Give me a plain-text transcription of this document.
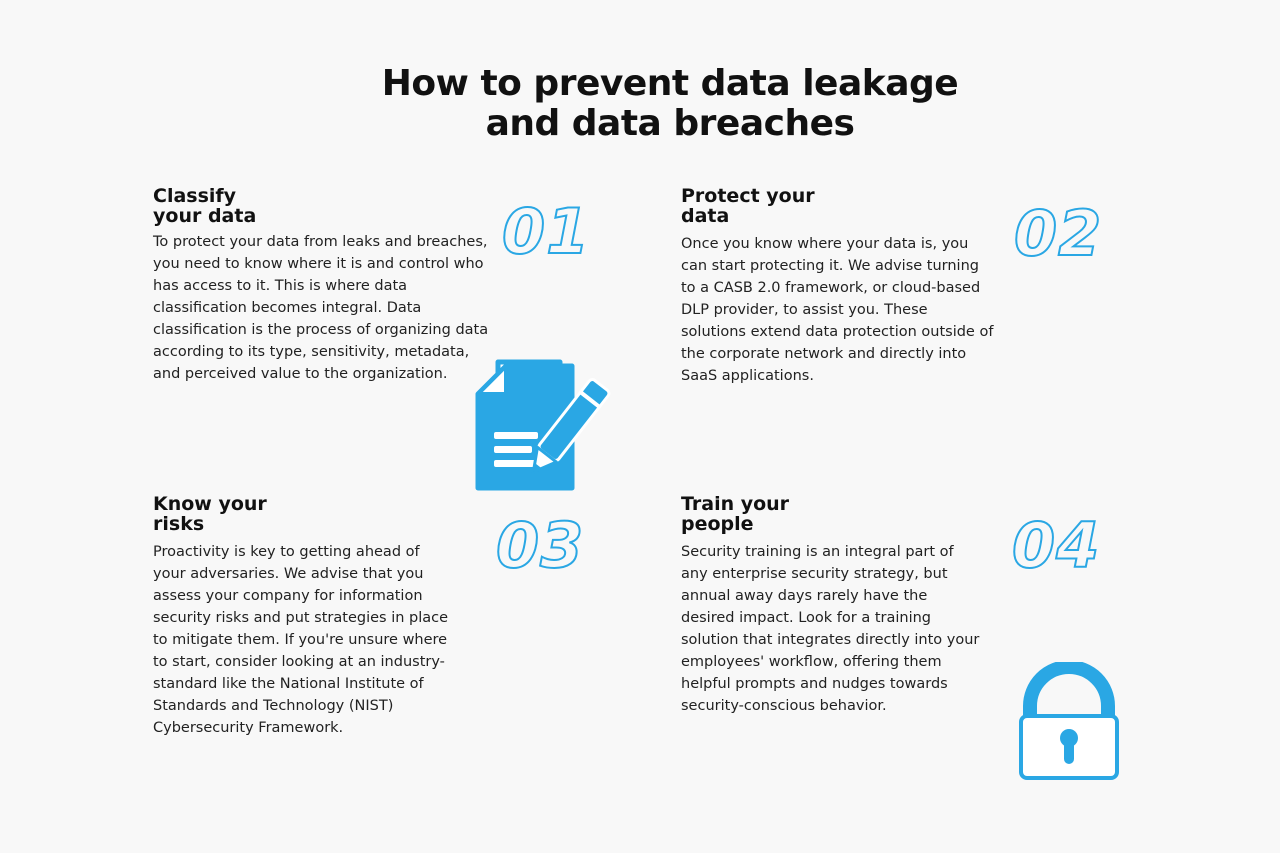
How to prevent data leakage
and data breaches
Classify
your data	01

To protect your data from leaks and breaches, you need to know where it is and control who has access to it. This is where data classification becomes integral. Data classification is the process of organizing data according to its type, sensitivity, metadata, and perceived value to the organization.

Protect your
data	02

Once you know where your data is, you can start protecting it. We advise turning to a CASB 2.0 framework, or cloud-based DLP provider, to assist you. These solutions extend data protection outside of the corporate network and directly into SaaS applications.

Know your
risks	03

Proactivity is key to getting ahead of your adversaries. We advise that you assess your company for information security risks and put strategies in place to mitigate them. If you're unsure where to start, consider looking at an industry-standard like the National Institute of Standards and Technology (NIST) Cybersecurity Framework.

Train your
people	04

Security training is an integral part of any enterprise security strategy, but annual away days rarely have the desired impact. Look for a training solution that integrates directly into your employees' workflow, offering them helpful prompts and nudges towards security-conscious behavior.
